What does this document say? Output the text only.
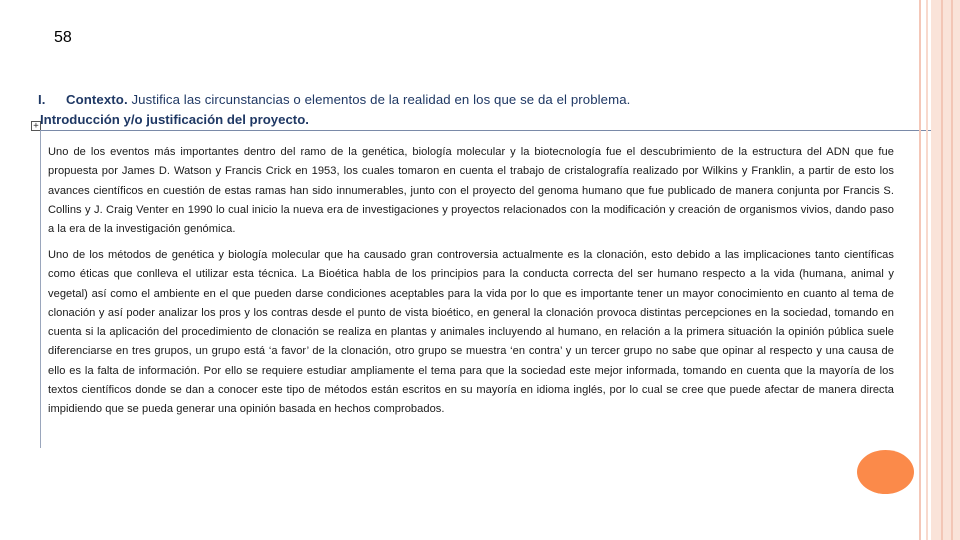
58
I. Contexto. Justifica las circunstancias o elementos de la realidad en los que se da el problema.
+ Introducción y/o justificación del proyecto.
Uno de los eventos más importantes dentro del ramo de la genética, biología molecular y la biotecnología fue el descubrimiento de la estructura del ADN que fue propuesta por James D. Watson y Francis Crick en 1953, los cuales tomaron en cuenta el trabajo de cristalografía realizado por Wilkins y Franklin, a partir de esto los avances científicos en cuestión de estas ramas han sido innumerables, junto con el proyecto del genoma humano que fue publicado de manera conjunta por Francis S. Collins y J. Craig Venter en 1990 lo cual inicio la nueva era de investigaciones y proyectos relacionados con la modificación y creación de organismos vivios, dando paso a la era de la investigación genómica.
Uno de los métodos de genética y biología molecular que ha causado gran controversia actualmente es la clonación, esto debido a las implicaciones tanto científicas como éticas que conlleva el utilizar esta técnica. La Bioética habla de los principios para la conducta correcta del ser humano respecto a la vida (humana, animal y vegetal) así como el ambiente en el que pueden darse condiciones aceptables para la vida por lo que es importante tener un mayor conocimiento en cuanto al tema de clonación y así poder analizar los pros y los contras desde el punto de vista bioético, en general la clonación provoca distintas percepciones en la sociedad, tomando en cuenta si la aplicación del procedimiento de clonación se realiza en plantas y animales incluyendo al humano, en relación a la primera situación la opinión pública suele diferenciarse en tres grupos, un grupo está ‘a favor’ de la clonación, otro grupo se muestra ‘en contra’ y un tercer grupo no sabe que opinar al respecto y una causa de ello es la falta de información. Por ello se requiere estudiar ampliamente el tema para que la sociedad este mejor informada, tomando en cuenta que la mayoría de los textos científicos donde se dan a conocer este tipo de métodos están escritos en su mayoría en idioma inglés, por lo cual se cree que puede afectar de manera directa impidiendo que se pueda generar una opinión basada en hechos comprobados.
